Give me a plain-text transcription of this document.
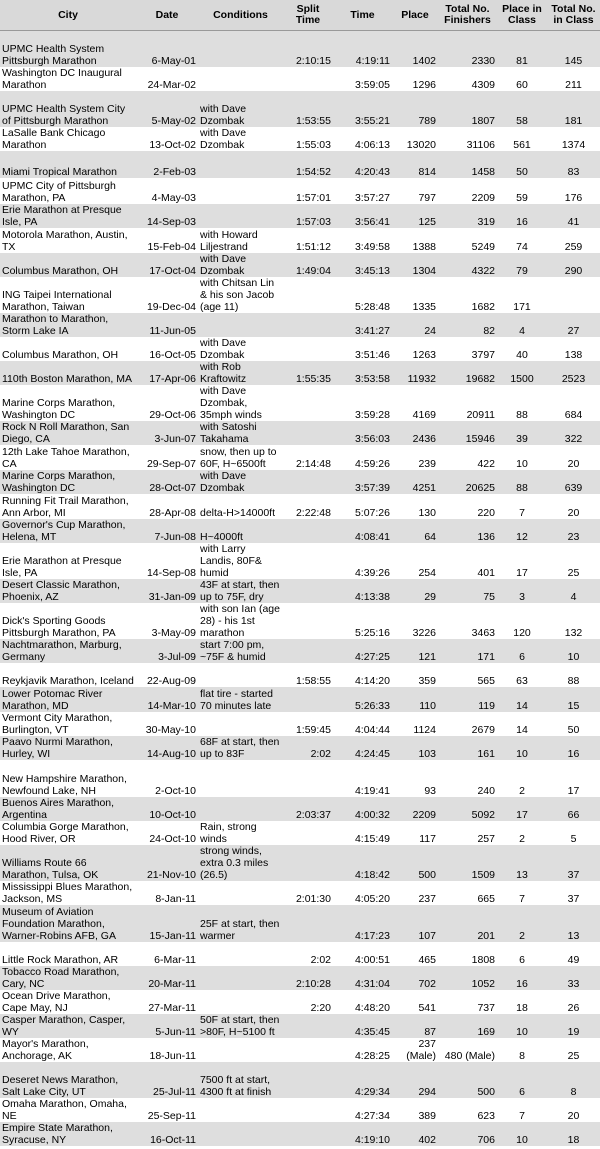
City	Date	Conditions	Split Time	Time	Place	Total No. Finishers	Place in Class	Total No. in Class
UPMC Health System Pittsburgh Marathon	6-May-01		2:10:15	4:19:11	1402	2330	81	145
Washington DC Inaugural Marathon	24-Mar-02			3:59:05	1296	4309	60	211
UPMC Health System City of Pittsburgh Marathon	5-May-02	with Dave Dzombak	1:53:55	3:55:21	789	1807	58	181
LaSalle Bank Chicago Marathon	13-Oct-02	with Dave Dzombak	1:55:03	4:06:13	13020	31106	561	1374
Miami Tropical Marathon	2-Feb-03		1:54:52	4:20:43	814	1458	50	83
UPMC City of Pittsburgh Marathon, PA	4-May-03		1:57:01	3:57:27	797	2209	59	176
Erie Marathon at Presque Isle, PA	14-Sep-03		1:57:03	3:56:41	125	319	16	41
Motorola Marathon, Austin, TX	15-Feb-04	with Howard Liljestrand	1:51:12	3:49:58	1388	5249	74	259
Columbus Marathon, OH	17-Oct-04	with Dave Dzombak	1:49:04	3:45:13	1304	4322	79	290
ING Taipei International Marathon, Taiwan	19-Dec-04	with Chitsan Lin & his son Jacob (age 11)		5:28:48	1335	1682	171	
Marathon to Marathon, Storm Lake IA	11-Jun-05			3:41:27	24	82	4	27
Columbus Marathon, OH	16-Oct-05	with Dave Dzombak		3:51:46	1263	3797	40	138
110th Boston Marathon, MA	17-Apr-06	with Rob Kraftowitz	1:55:35	3:53:58	11932	19682	1500	2523
Marine Corps Marathon, Washington DC	29-Oct-06	with Dave Dzombak, 35mph winds		3:59:28	4169	20911	88	684
Rock N Roll Marathon, San Diego, CA	3-Jun-07	with Satoshi Takahama		3:56:03	2436	15946	39	322
12th Lake Tahoe Marathon, CA	29-Sep-07	snow, then up to 60F, H~6500ft	2:14:48	4:59:26	239	422	10	20
Marine Corps Marathon, Washington DC	28-Oct-07	with Dave Dzombak		3:57:39	4251	20625	88	639
Running Fit Trail Marathon, Ann Arbor, MI	28-Apr-08	delta-H>14000ft	2:22:48	5:07:26	130	220	7	20
Governor's Cup Marathon, Helena, MT	7-Jun-08	H~4000ft		4:08:41	64	136	12	23
Erie Marathon at Presque Isle, PA	14-Sep-08	with Larry Landis, 80F& humid		4:39:26	254	401	17	25
Desert Classic Marathon, Phoenix, AZ	31-Jan-09	43F at start, then up to 75F, dry		4:13:38	29	75	3	4
Dick's Sporting Goods Pittsburgh Marathon, PA	3-May-09	with son Ian (age 28) - his 1st marathon		5:25:16	3226	3463	120	132
Nachtmarathon, Marburg, Germany	3-Jul-09	start 7:00 pm, ~75F & humid		4:27:25	121	171	6	10
Reykjavik Marathon, Iceland	22-Aug-09		1:58:55	4:14:20	359	565	63	88
Lower Potomac River Marathon, MD	14-Mar-10	flat tire - started 70 minutes late		5:26:33	110	119	14	15
Vermont City Marathon, Burlington, VT	30-May-10		1:59:45	4:04:44	1124	2679	14	50
Paavo Nurmi Marathon, Hurley, WI	14-Aug-10	68F at start, then up to 83F	2:02	4:24:45	103	161	10	16
New Hampshire Marathon, Newfound Lake, NH	2-Oct-10			4:19:41	93	240	2	17
Buenos Aires Marathon, Argentina	10-Oct-10		2:03:37	4:00:32	2209	5092	17	66
Columbia Gorge Marathon, Hood River, OR	24-Oct-10	Rain, strong winds		4:15:49	117	257	2	5
Williams Route 66 Marathon, Tulsa, OK	21-Nov-10	strong winds, extra 0.3 miles (26.5)		4:18:42	500	1509	13	37
Mississippi Blues Marathon, Jackson, MS	8-Jan-11		2:01:30	4:05:20	237	665	7	37
Museum of Aviation Foundation Marathon, Warner-Robins AFB, GA	15-Jan-11	25F at start, then warmer		4:17:23	107	201	2	13
Little Rock Marathon, AR	6-Mar-11		2:02	4:00:51	465	1808	6	49
Tobacco Road Marathon, Cary, NC	20-Mar-11		2:10:28	4:31:04	702	1052	16	33
Ocean Drive Marathon, Cape May, NJ	27-Mar-11		2:20	4:48:20	541	737	18	26
Casper Marathon, Casper, WY	5-Jun-11	50F at start, then >80F, H~5100 ft		4:35:45	87	169	10	19
Mayor's Marathon, Anchorage, AK	18-Jun-11			4:28:25	237 (Male)	480 (Male)	8	25
Deseret News Marathon, Salt Lake City, UT	25-Jul-11	7500 ft at start, 4300 ft at finish		4:29:34	294	500	6	8
Omaha Marathon, Omaha, NE	25-Sep-11			4:27:34	389	623	7	20
Empire State Marathon, Syracuse, NY	16-Oct-11			4:19:10	402	706	10	18
